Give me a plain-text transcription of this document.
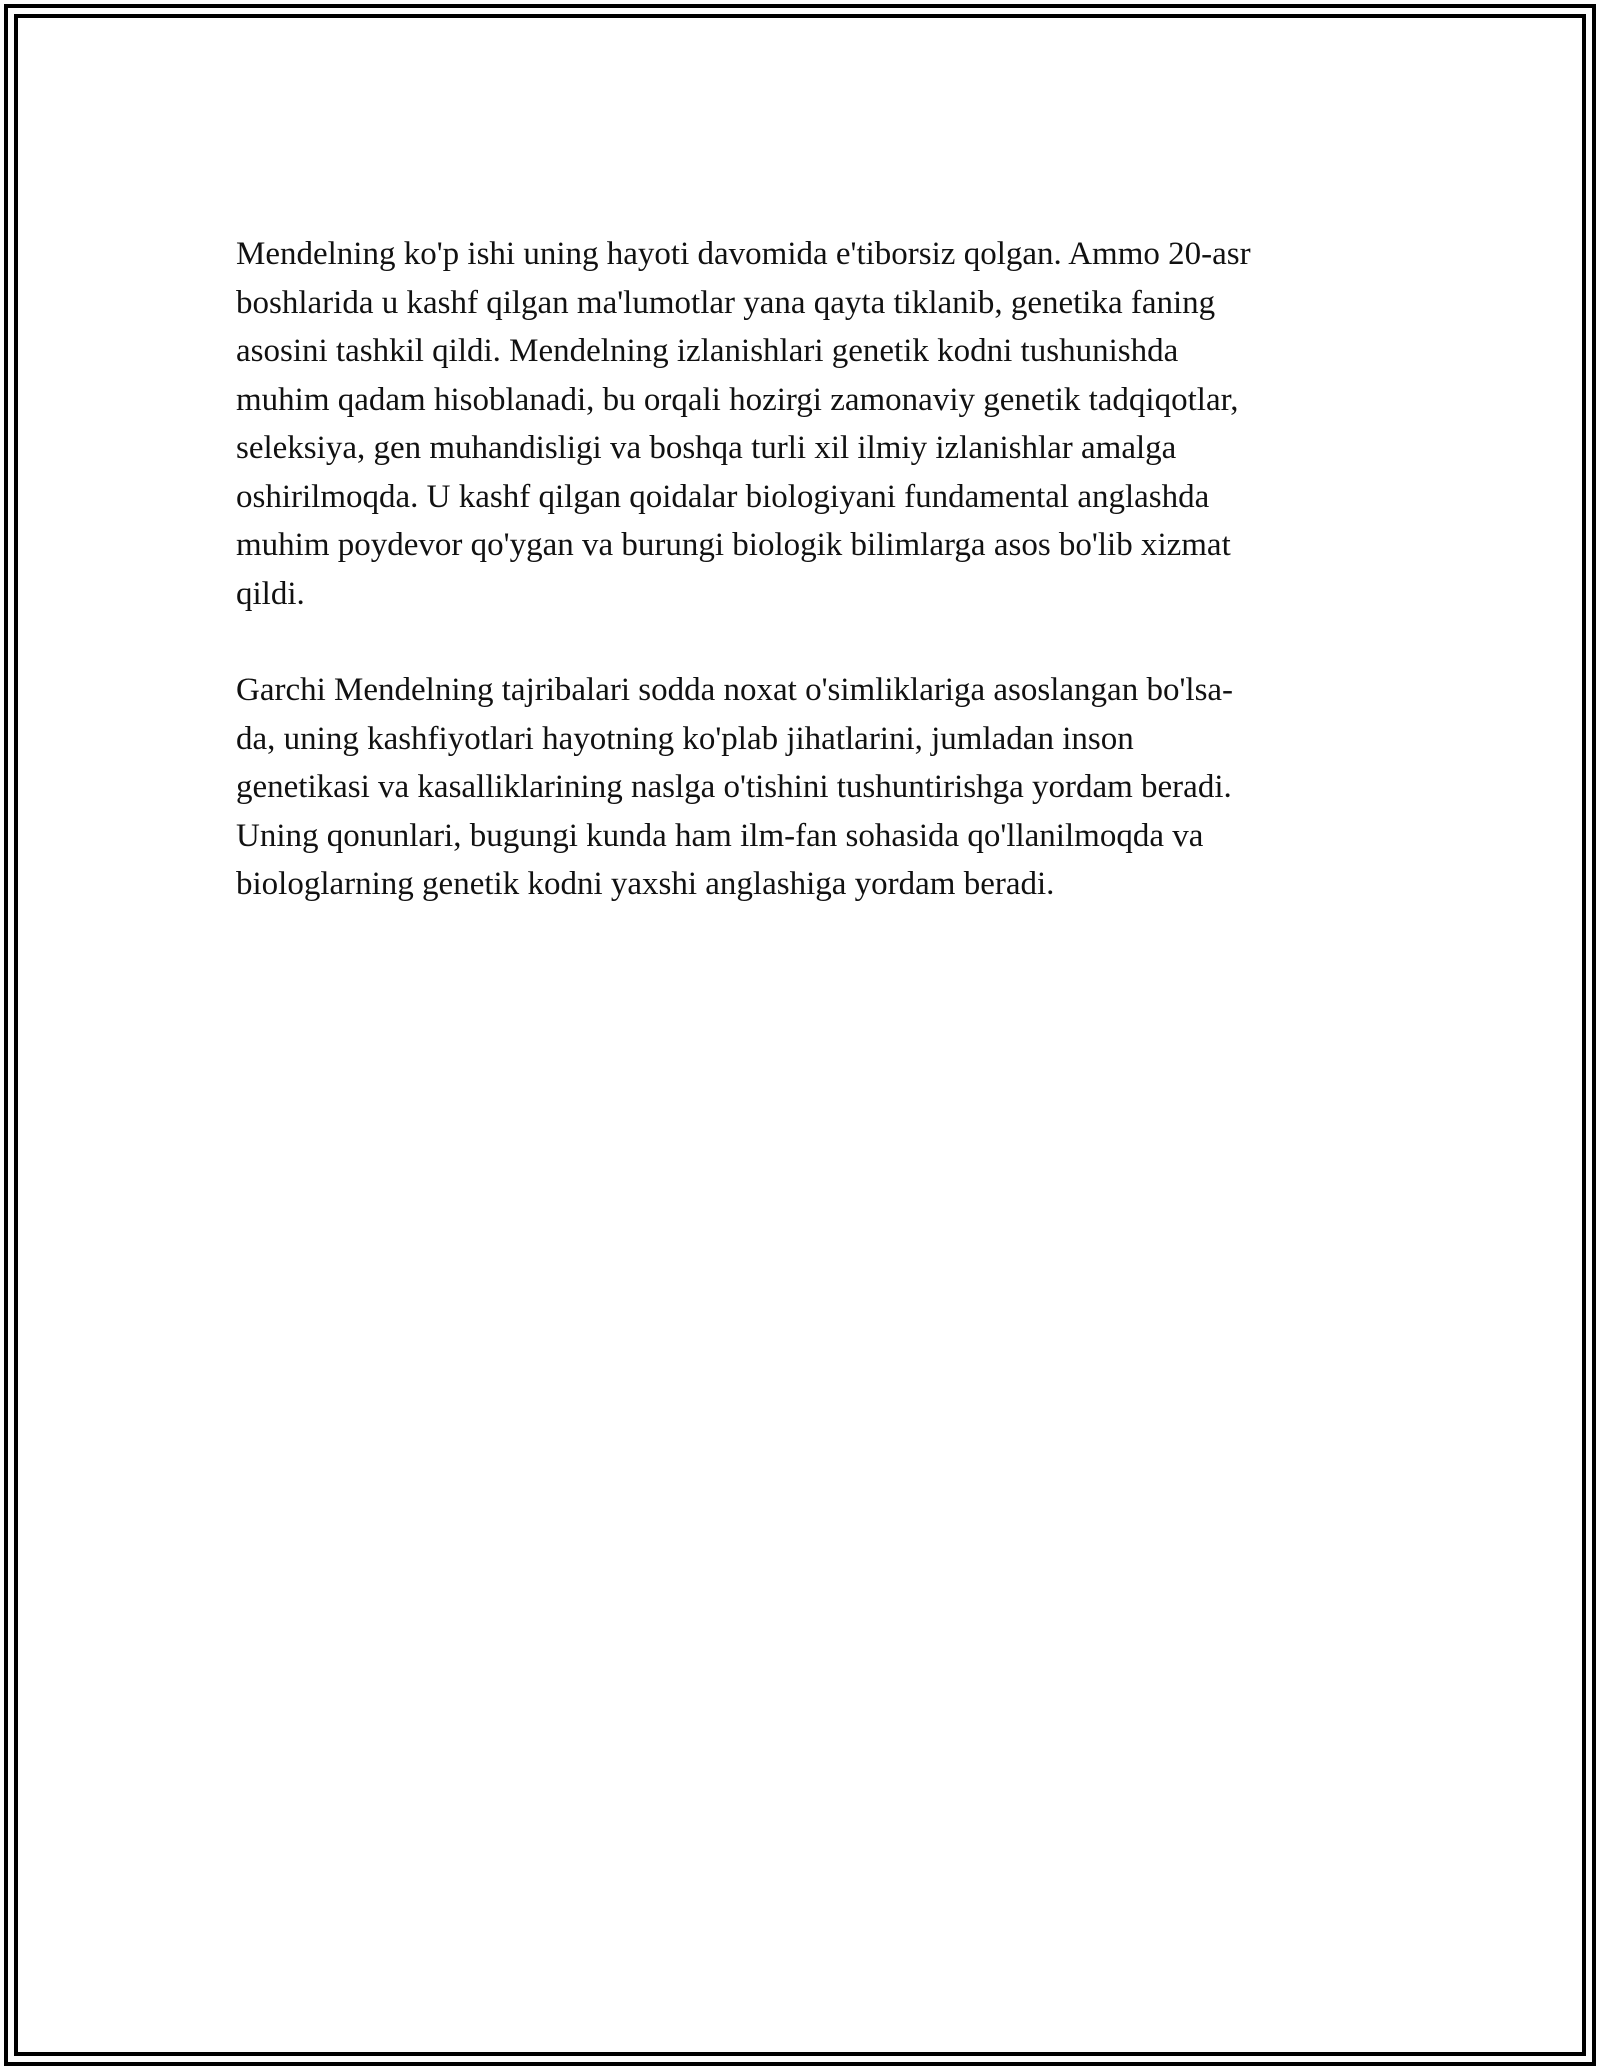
Mendelning ko'p ishi uning hayoti davomida e'tiborsiz qolgan. Ammo 20-asr
boshlarida u kashf qilgan ma'lumotlar yana qayta tiklanib, genetika faning
asosini tashkil qildi. Mendelning izlanishlari genetik kodni tushunishda
muhim qadam hisoblanadi, bu orqali hozirgi zamonaviy genetik tadqiqotlar,
seleksiya, gen muhandisligi va boshqa turli xil ilmiy izlanishlar amalga
oshirilmoqda. U kashf qilgan qoidalar biologiyani fundamental anglashda
muhim poydevor qo'ygan va burungi biologik bilimlarga asos bo'lib xizmat
qildi.

Garchi Mendelning tajribalari sodda noxat o'simliklariga asoslangan bo'lsa-
da, uning kashfiyotlari hayotning ko'plab jihatlarini, jumladan inson
genetikasi va kasalliklarining naslga o'tishini tushuntirishga yordam beradi.
Uning qonunlari, bugungi kunda ham ilm-fan sohasida qo'llanilmoqda va
biologlarning genetik kodni yaxshi anglashiga yordam beradi.
